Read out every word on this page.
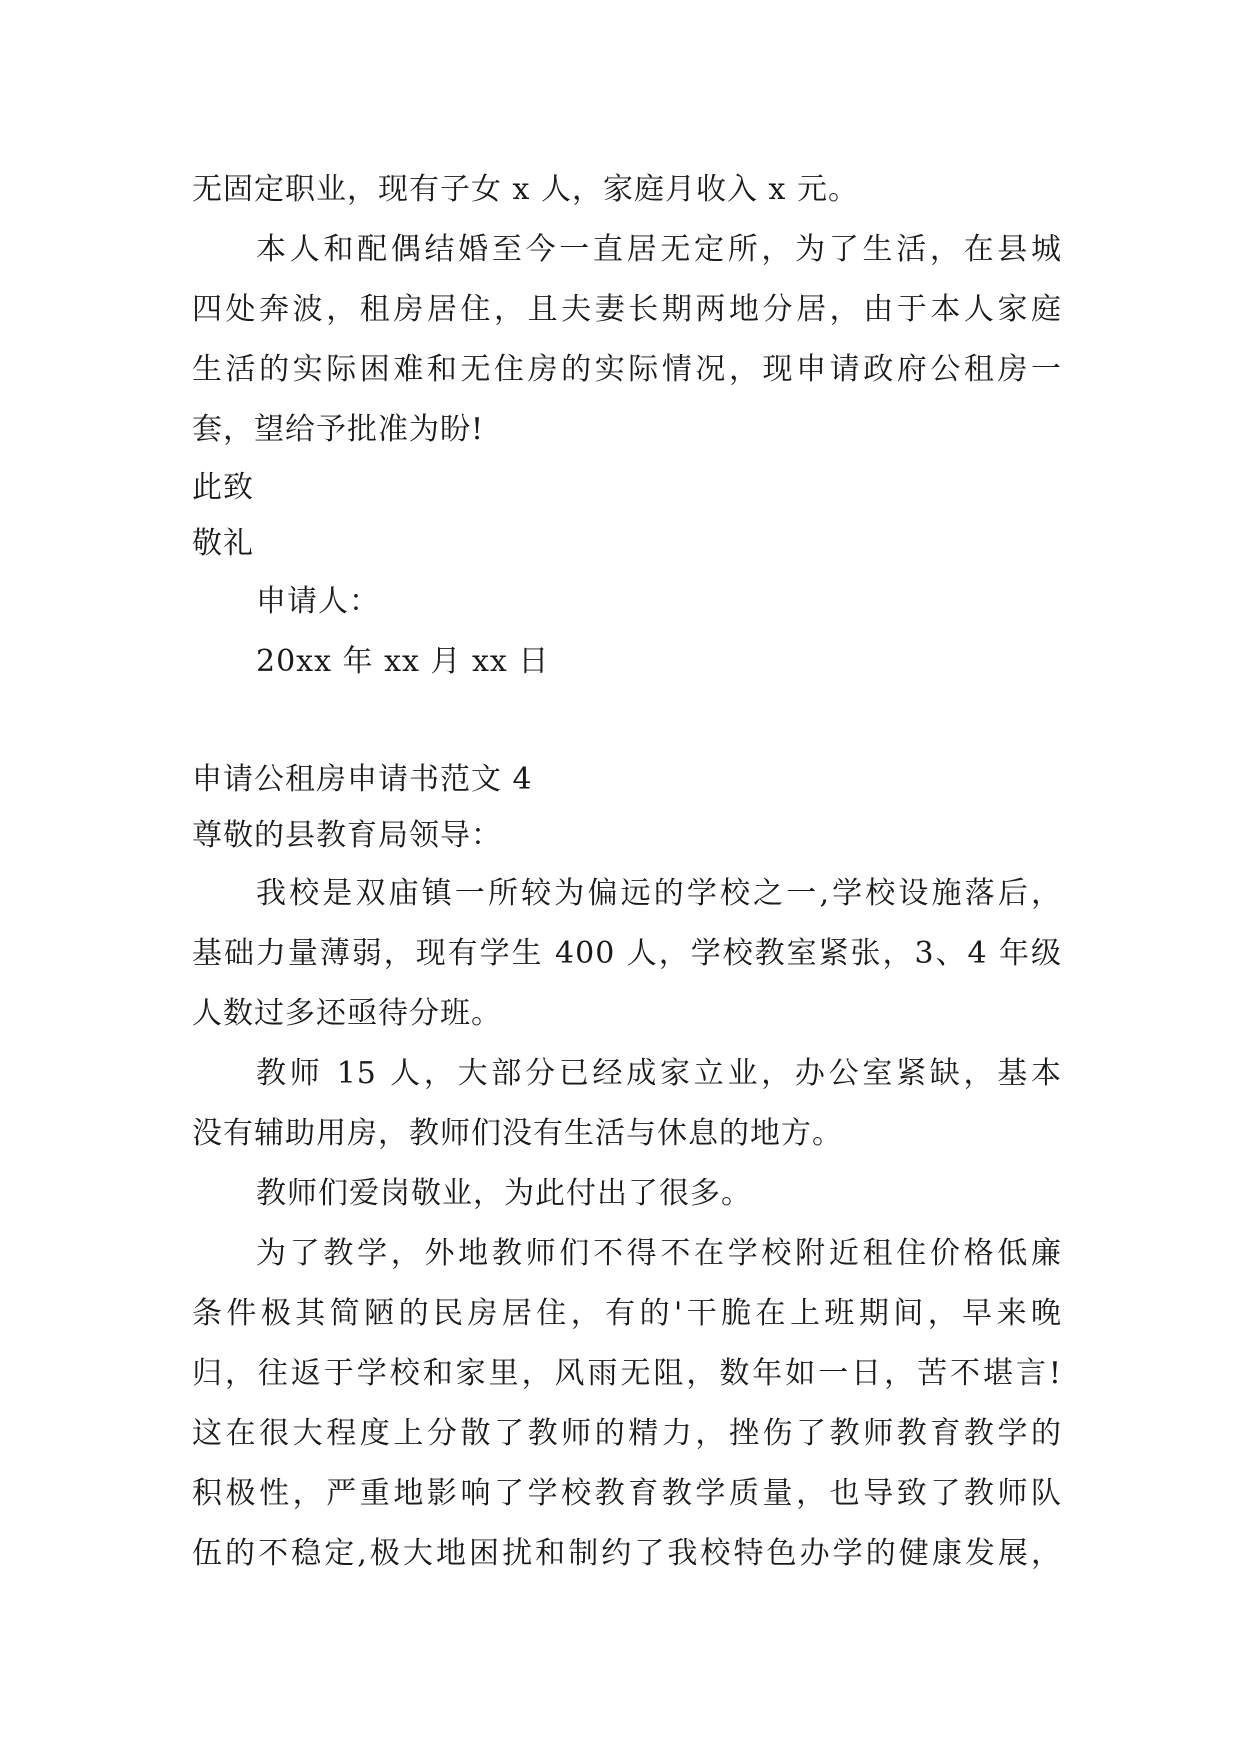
无固定职业，现有子女 x 人，家庭月收入 x 元。
本人和配偶结婚至今一直居无定所，为了生活，在县城
四处奔波，租房居住，且夫妻长期两地分居，由于本人家庭
生活的实际困难和无住房的实际情况，现申请政府公租房一
套，望给予批准为盼!
此致
敬礼
申请人：
20xx 年 xx 月 xx 日
申请公租房申请书范文 4
尊敬的县教育局领导：
我校是双庙镇一所较为偏远的学校之一,学校设施落后，
基础力量薄弱，现有学生 400 人，学校教室紧张，3、4 年级
人数过多还亟待分班。
教师 15 人，大部分已经成家立业，办公室紧缺，基本
没有辅助用房，教师们没有生活与休息的地方。
教师们爱岗敬业，为此付出了很多。
为了教学，外地教师们不得不在学校附近租住价格低廉
条件极其简陋的民房居住，有的'干脆在上班期间，早来晚
归，往返于学校和家里，风雨无阻，数年如一日，苦不堪言!
这在很大程度上分散了教师的精力，挫伤了教师教育教学的
积极性，严重地影响了学校教育教学质量，也导致了教师队
伍的不稳定,极大地困扰和制约了我校特色办学的健康发展，
